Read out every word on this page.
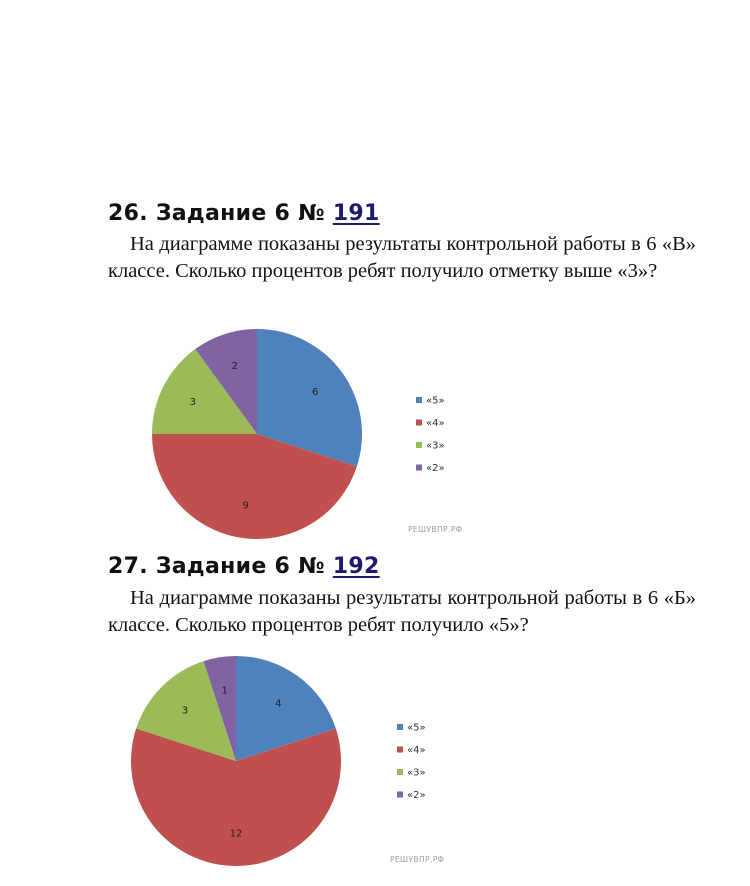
26. Задание 6 № 191

На диаграмме показаны результаты контрольной работы в 6 «В» классе. Сколько процентов ребят получило отметку выше «3»?

6
9
3
2
«5»
«4»
«3»
«2»
РЕШУВПР.РФ
27. Задание 6 № 192

На диаграмме показаны результаты контрольной работы в 6 «Б» классе. Сколько процентов ребят получило «5»?

4
12
3
1
«5»
«4»
«3»
«2»
РЕШУВПР.РФ
